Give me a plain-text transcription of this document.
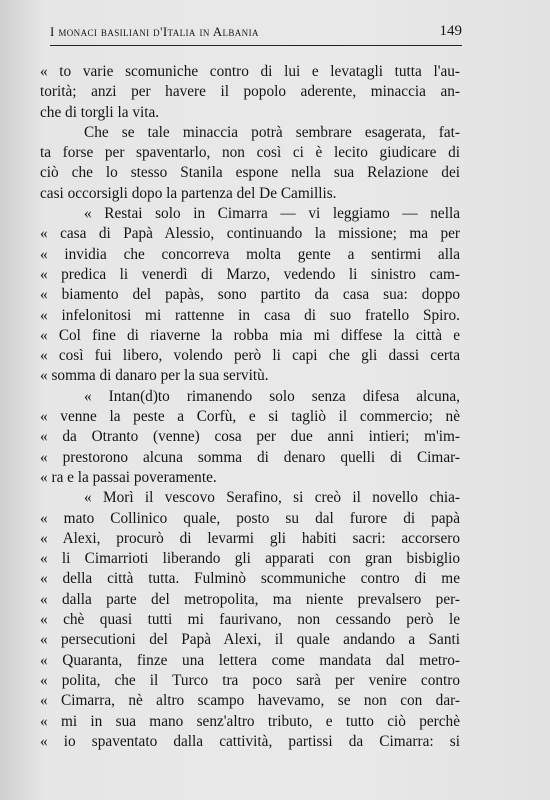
I monaci basiliani d'Italia in Albania	149
« to varie scomuniche contro di lui e levatagli tutta l'au-
torità; anzi per havere il popolo aderente, minaccia an-
che di torgli la vita.
Che se tale minaccia potrà sembrare esagerata, fat-
ta forse per spaventarlo, non così ci è lecito giudicare di
ciò che lo stesso Stanila espone nella sua Relazione dei
casi occorsigli dopo la partenza del De Camillis.
« Restai solo in Cimarra — vi leggiamo — nella
« casa di Papà Alessio, continuando la missione; ma per
« invidia che concorreva molta gente a sentirmi alla
« predica li venerdì di Marzo, vedendo li sinistro cam-
« biamento del papàs, sono partito da casa sua: doppo
« infelonitosi mi rattenne in casa di suo fratello Spiro.
« Col fine di riaverne la robba mia mi diffese la città e
« così fui libero, volendo però li capi che gli dassi certa
« somma di danaro per la sua servitù.
« Intan(d)to rimanendo solo senza difesa alcuna,
« venne la peste a Corfù, e si tagliò il commercio; nè
« da Otranto (venne) cosa per due anni intieri; m'im-
« prestorono alcuna somma di denaro quelli di Cimar-
« ra e la passai poveramente.
« Morì il vescovo Serafino, si creò il novello chia-
« mato Collinico quale, posto su dal furore di papà
« Alexi, procurò di levarmi gli habiti sacri: accorsero
« li Cimarrioti liberando gli apparati con gran bisbiglio
« della città tutta. Fulminò scommuniche contro di me
« dalla parte del metropolita, ma niente prevalsero per-
« chè quasi tutti mi faurivano, non cessando però le
« persecutioni del Papà Alexi, il quale andando a Santi
« Quaranta, finze una lettera come mandata dal metro-
« polita, che il Turco tra poco sarà per venire contro
« Cimarra, nè altro scampo havevamo, se non con dar-
« mi in sua mano senz'altro tributo, e tutto ciò perchè
« io spaventato dalla cattività, partissi da Cimarra: si
